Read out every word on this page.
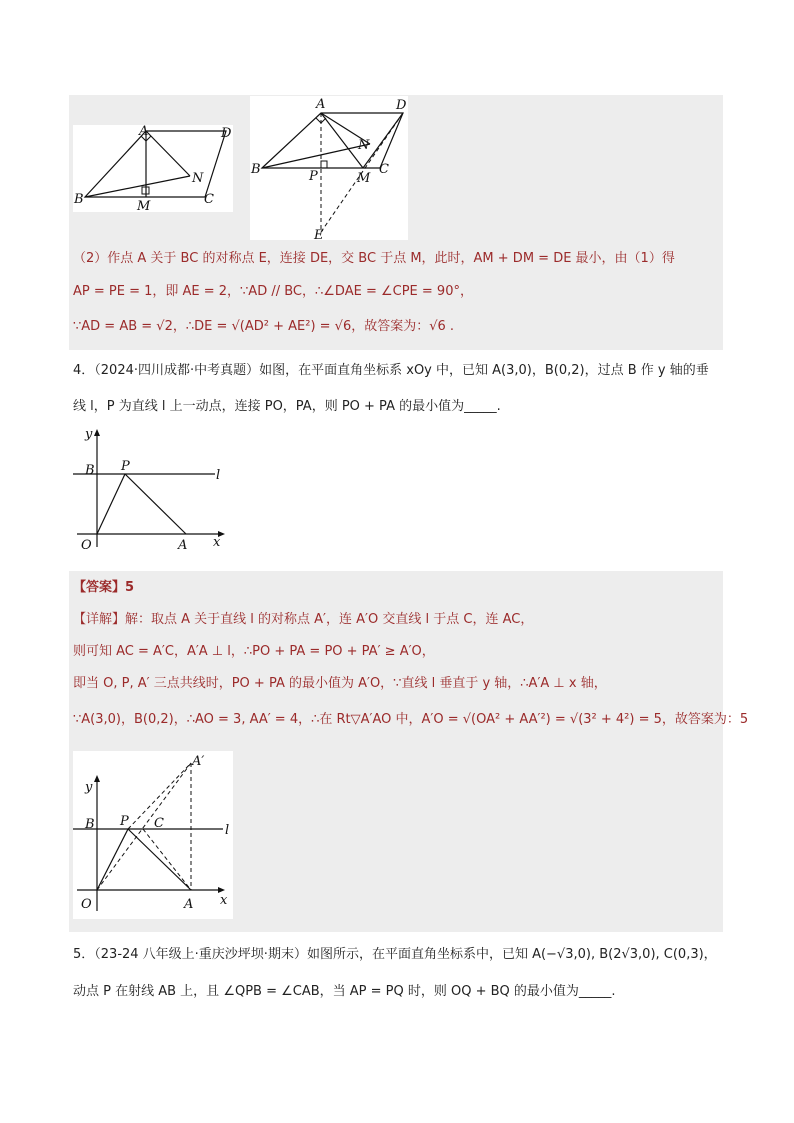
A	D
B	C
N
M
A	D
B	C
N
M
P
E
（2）作点 A 关于 BC 的对称点 E，连接 DE，交 BC 于点 M，此时，AM + DM = DE 最小，由（1）得
AP = PE = 1，即 AE = 2，∵AD // BC，∴∠DAE = ∠CPE = 90°，
∵AD = AB = √2，∴DE = √(AD² + AE²) = √6，故答案为：√6 .
4．（2024·四川成都·中考真题）如图，在平面直角坐标系 xOy 中，已知 A(3,0)，B(0,2)，过点 B 作 y 轴的垂
线 l，P 为直线 l 上一动点，连接 PO，PA，则 PO + PA 的最小值为_____.
y
B P
l
O	A x
【答案】5
【详解】解：取点 A 关于直线 l 的对称点 A′，连 A′O 交直线 l 于点 C，连 AC，
则可知 AC = A′C，A′A ⊥ l，∴PO + PA = PO + PA′ ≥ A′O，
即当 O, P, A′ 三点共线时，PO + PA 的最小值为 A′O，∵直线 l 垂直于 y 轴，∴A′A ⊥ x 轴，
∵A(3,0)，B(0,2)，∴AO = 3, AA′ = 4，∴在 Rt▽A′AO 中，A′O = √(OA² + AA′²) = √(3² + 4²) = 5，故答案为：5
y
A′
B P C	l
O	A x
5．（23-24 八年级上·重庆沙坪坝·期末）如图所示，在平面直角坐标系中，已知 A(−√3,0), B(2√3,0), C(0,3)，
动点 P 在射线 AB 上，且 ∠QPB = ∠CAB，当 AP = PQ 时，则 OQ + BQ 的最小值为_____.
